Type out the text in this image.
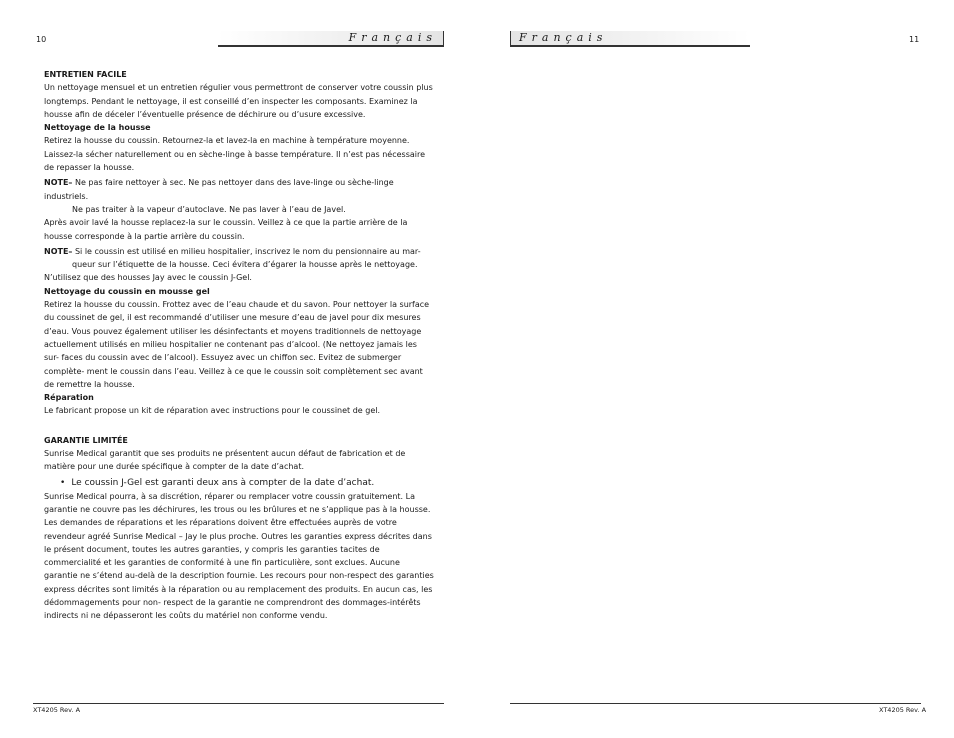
10	Français

ENTRETIEN FACILE

Un nettoyage mensuel et un entretien régulier vous permettront de conserver votre coussin plus longtemps. Pendant le nettoyage, il est conseillé d’en inspecter les composants. Examinez la housse afin de déceler l’éventuelle présence de déchirure ou d’usure excessive.

Nettoyage de la housse

Retirez la housse du coussin. Retournez-la et lavez-la en machine à température moyenne. Laissez-la sécher naturellement ou en sèche-linge à basse température. Il n’est pas nécessaire de repasser la housse.

NOTE– Ne pas faire nettoyer à sec. Ne pas nettoyer dans des lave-linge ou sèche-linge industriels.
Ne pas traiter à la vapeur d’autoclave. Ne pas laver à l’eau de Javel.

Après avoir lavé la housse replacez-la sur le coussin. Veillez à ce que la partie arrière de la housse corresponde à la partie arrière du coussin.

NOTE– Si le coussin est utilisé en milieu hospitalier, inscrivez le nom du pensionnaire au mar-
queur sur l’étiquette de la housse. Ceci évitera d’égarer la housse après le nettoyage.
N’utilisez que des housses Jay avec le coussin J-Gel.

Nettoyage du coussin en mousse gel

Retirez la housse du coussin. Frottez avec de l’eau chaude et du savon. Pour nettoyer la surface du coussinet de gel, il est recommandé d’utiliser une mesure d’eau de javel pour dix mesures d’eau. Vous pouvez également utiliser les désinfectants et moyens traditionnels de nettoyage actuellement utilisés en milieu hospitalier ne contenant pas d’alcool. (Ne nettoyez jamais les sur- faces du coussin avec de l’alcool). Essuyez avec un chiffon sec. Evitez de submerger complète- ment le coussin dans l’eau. Veillez à ce que le coussin soit complètement sec avant de remettre la housse.

Réparation

Le fabricant propose un kit de réparation avec instructions pour le coussinet de gel.

GARANTIE LIMITÉE

Sunrise Medical garantit que ses produits ne présentent aucun défaut de fabrication et de matière pour une durée spécifique à compter de la date d’achat.

• Le coussin J-Gel est garanti deux ans à compter de la date d’achat.

Sunrise Medical pourra, à sa discrétion, réparer ou remplacer votre coussin gratuitement. La garantie ne couvre pas les déchirures, les trous ou les brûlures et ne s’applique pas à la housse. Les demandes de réparations et les réparations doivent être effectuées auprès de votre revendeur agréé Sunrise Medical – Jay le plus proche. Outres les garanties express décrites dans le présent document, toutes les autres garanties, y compris les garanties tacites de commercialité et les garanties de conformité à une fin particulière, sont exclues. Aucune garantie ne s’étend au-delà de la description fournie. Les recours pour non-respect des garanties express décrites sont limités à la réparation ou au remplacement des produits. En aucun cas, les dédommagements pour non- respect de la garantie ne comprendront des dommages-intérêts indirects ni ne dépasseront les coûts du matériel non conforme vendu.

XT4205 Rev. A
Français	11
XT4205 Rev. A
